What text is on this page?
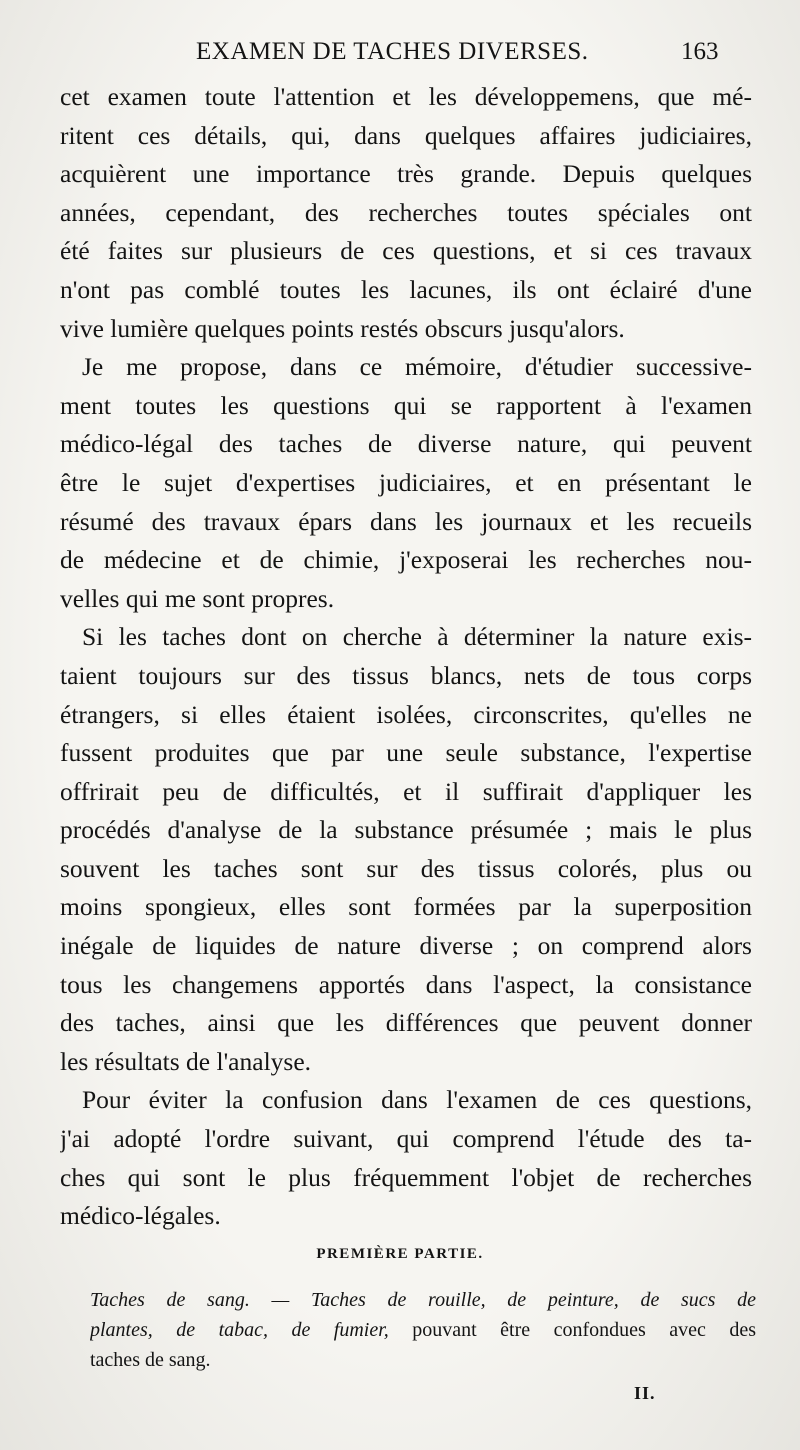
EXAMEN DE TACHES DIVERSES.	163
cet examen toute l'attention et les développemens, que mé-
ritent ces détails, qui, dans quelques affaires judiciaires,
acquièrent une importance très grande. Depuis quelques
années, cependant, des recherches toutes spéciales ont
été faites sur plusieurs de ces questions, et si ces travaux
n'ont pas comblé toutes les lacunes, ils ont éclairé d'une
vive lumière quelques points restés obscurs jusqu'alors.
Je me propose, dans ce mémoire, d'étudier successive-
ment toutes les questions qui se rapportent à l'examen
médico-légal des taches de diverse nature, qui peuvent
être le sujet d'expertises judiciaires, et en présentant le
résumé des travaux épars dans les journaux et les recueils
de médecine et de chimie, j'exposerai les recherches nou-
velles qui me sont propres.
Si les taches dont on cherche à déterminer la nature exis-
taient toujours sur des tissus blancs, nets de tous corps
étrangers, si elles étaient isolées, circonscrites, qu'elles ne
fussent produites que par une seule substance, l'expertise
offrirait peu de difficultés, et il suffirait d'appliquer les
procédés d'analyse de la substance présumée ; mais le plus
souvent les taches sont sur des tissus colorés, plus ou
moins spongieux, elles sont formées par la superposition
inégale de liquides de nature diverse ; on comprend alors
tous les changemens apportés dans l'aspect, la consistance
des taches, ainsi que les différences que peuvent donner
les résultats de l'analyse.
Pour éviter la confusion dans l'examen de ces questions,
j'ai adopté l'ordre suivant, qui comprend l'étude des ta-
ches qui sont le plus fréquemment l'objet de recherches
médico-légales.
PREMIÈRE PARTIE.
Taches de sang. — Taches de rouille, de peinture, de sucs de
plantes, de tabac, de fumier, pouvant être confondues avec des
taches de sang.
II.
